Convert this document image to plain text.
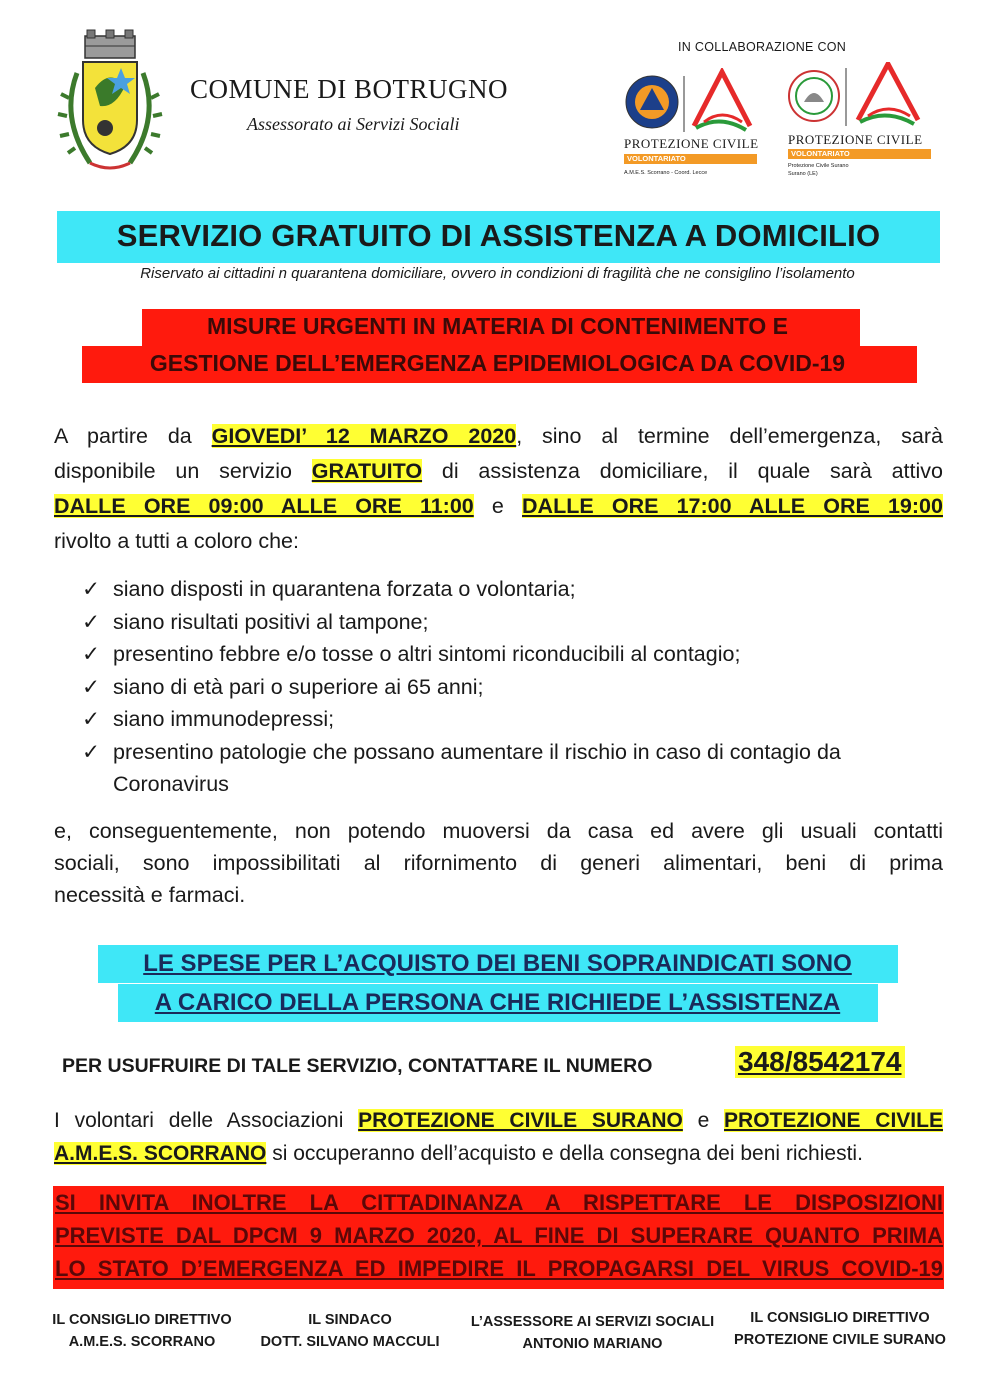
COMUNE DI BOTRUGNO
Assessorato ai Servizi Sociali
IN COLLABORAZIONE CON
PROTEZIONE CIVILE
VOLONTARIATO
A.M.E.S. Scorrano - Coord. Lecce
PROTEZIONE CIVILE
VOLONTARIATO
Protezione Civile Surano
Surano (LE)
SERVIZIO GRATUITO DI ASSISTENZA A DOMICILIO
Riservato ai cittadini n quarantena domiciliare, ovvero in condizioni di fragilità che ne consiglino l’isolamento
MISURE URGENTI IN MATERIA DI CONTENIMENTO E
GESTIONE DELL’EMERGENZA EPIDEMIOLOGICA DA COVID-19
A partire da GIOVEDI’ 12 MARZO 2020, sino al termine dell’emergenza, sarà
disponibile un servizio GRATUITO di assistenza domiciliare, il quale sarà attivo
DALLE ORE 09:00 ALLE ORE 11:00 e DALLE ORE 17:00 ALLE ORE 19:00
rivolto a tutti a coloro che:
✓ siano disposti in quarantena forzata o volontaria;
✓ siano risultati positivi al tampone;
✓ presentino febbre e/o tosse o altri sintomi riconducibili al contagio;
✓ siano di età pari o superiore ai 65 anni;
✓ siano immunodepressi;
✓ presentino patologie che possano aumentare il rischio in caso di contagio da
Coronavirus
e, conseguentemente, non potendo muoversi da casa ed avere gli usuali contatti
sociali, sono impossibilitati al rifornimento di generi alimentari, beni di prima
necessità e farmaci.
LE SPESE PER L’ACQUISTO DEI BENI SOPRAINDICATI SONO
A CARICO DELLA PERSONA CHE RICHIEDE L’ASSISTENZA
PER USUFRUIRE DI TALE SERVIZIO, CONTATTARE IL NUMERO	348/8542174
I volontari delle Associazioni PROTEZIONE CIVILE SURANO e PROTEZIONE CIVILE
A.M.E.S. SCORRANO si occuperanno dell’acquisto e della consegna dei beni richiesti.
SI INVITA INOLTRE LA CITTADINANZA A RISPETTARE LE DISPOSIZIONI
PREVISTE DAL DPCM 9 MARZO 2020, AL FINE DI SUPERARE QUANTO PRIMA
LO STATO D’EMERGENZA ED IMPEDIRE IL PROPAGARSI DEL VIRUS COVID-19
IL CONSIGLIO DIRETTIVO
A.M.E.S. SCORRANO
IL SINDACO
DOTT. SILVANO MACCULI
L’ASSESSORE AI SERVIZI SOCIALI
ANTONIO MARIANO
IL CONSIGLIO DIRETTIVO
PROTEZIONE CIVILE SURANO
